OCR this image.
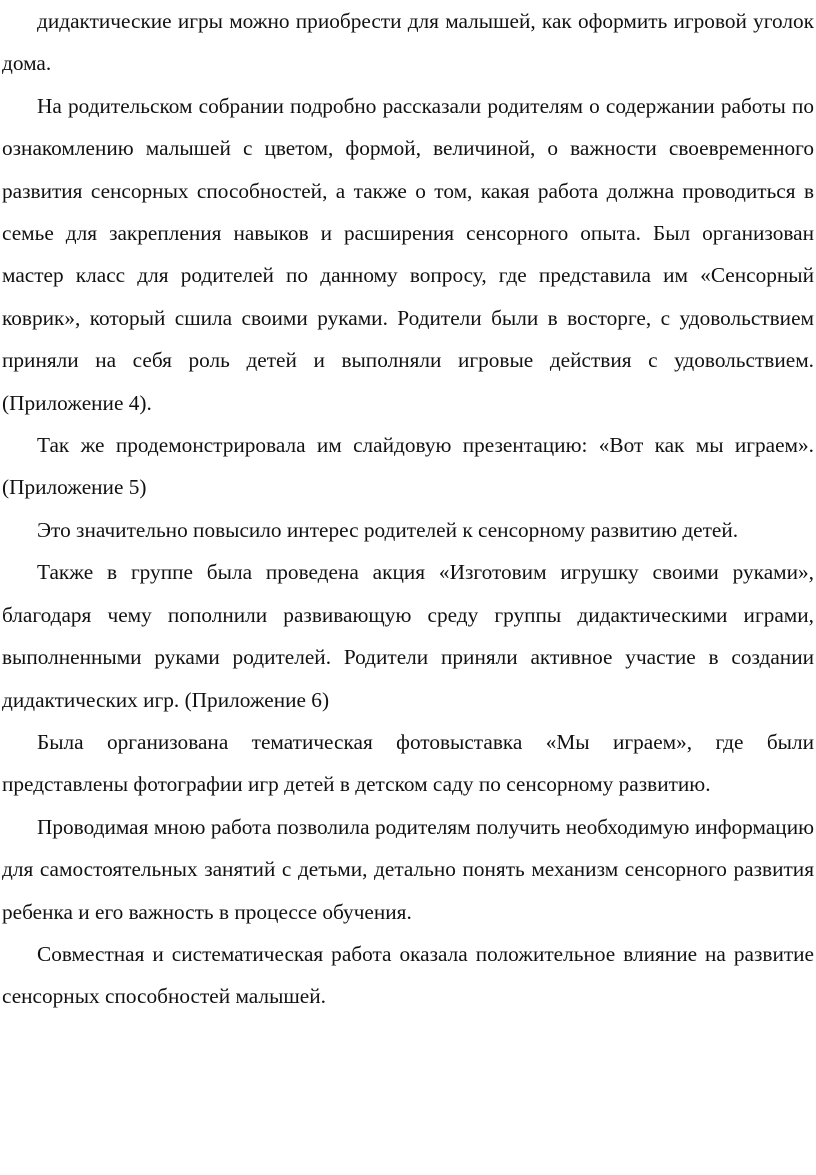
дидактические игры можно приобрести для малышей, как оформить игровой уголок дома.

На родительском собрании подробно рассказали родителям о содержании работы по ознакомлению малышей с цветом, формой, величиной, о важности своевременного развития сенсорных способностей, а также о том, какая работа должна проводиться в семье для закрепления навыков и расширения сенсорного опыта. Был организован мастер класс для родителей по данному вопросу, где представила им «Сенсорный коврик», который сшила своими руками. Родители были в восторге, с удовольствием приняли на себя роль детей и выполняли игровые действия с удовольствием. (Приложение 4).

Так же продемонстрировала им слайдовую презентацию: «Вот как мы играем». (Приложение 5)

Это значительно повысило интерес родителей к сенсорному развитию детей.

Также в группе была проведена акция «Изготовим игрушку своими руками», благодаря чему пополнили развивающую среду группы дидактическими играми, выполненными руками родителей. Родители приняли активное участие в создании дидактических игр. (Приложение 6)

Была организована тематическая фотовыставка «Мы играем», где были представлены фотографии игр детей в детском саду по сенсорному развитию.

Проводимая мною работа позволила родителям получить необходимую информацию для самостоятельных занятий с детьми, детально понять механизм сенсорного развития ребенка и его важность в процессе обучения.

Совместная и систематическая работа оказала положительное влияние на развитие сенсорных способностей малышей.
